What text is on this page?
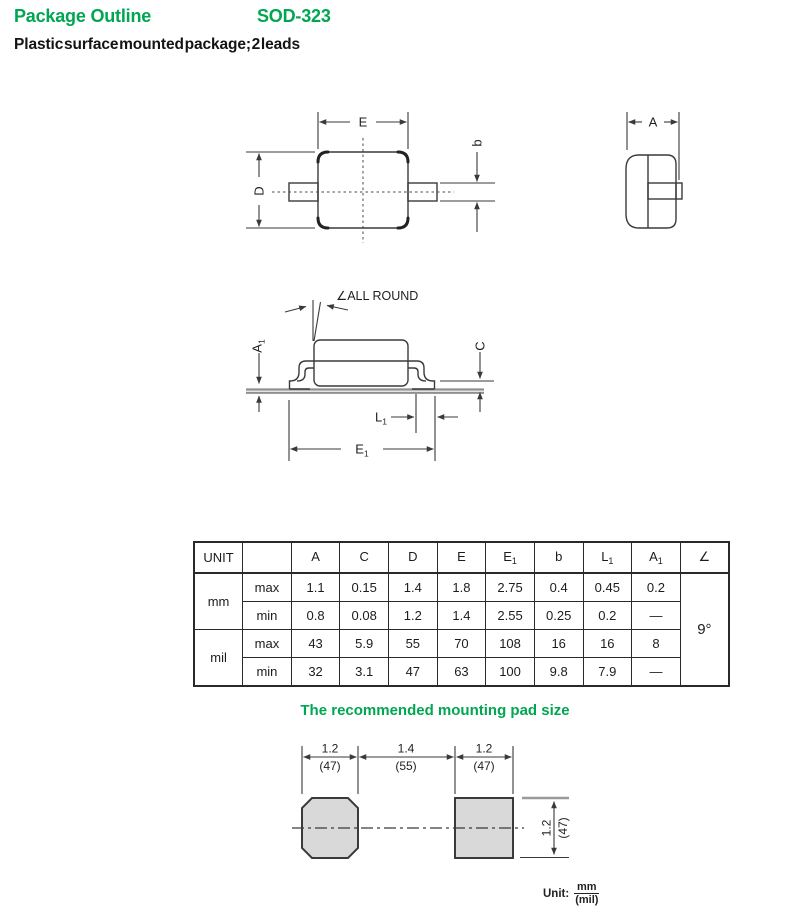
Package Outline	SOD-323
Plastic surface mounted package; 2 leads
E
D
b
A
∠ALL ROUND
$A_1$	C
$L_1$
$E_1$
1.2	1.4	1.2
(47)	(55)	(47)
1.2 (47)
UNIT		A	C	D	E	$E_1$	b	$L_1$	$A_1$	∠
mm	max	1.1	0.15	1.4	1.8	2.75	0.4	0.45	0.2	9°
	min	0.8	0.08	1.2	1.4	2.55	0.25	0.2	—	
mil	max	43	5.9	55	70	108	16	16	8	
	min	32	3.1	47	63	100	9.8	7.9	—	
The recommended mounting pad size
Unit: $\frac{mm}{\text{(mil)}}$
